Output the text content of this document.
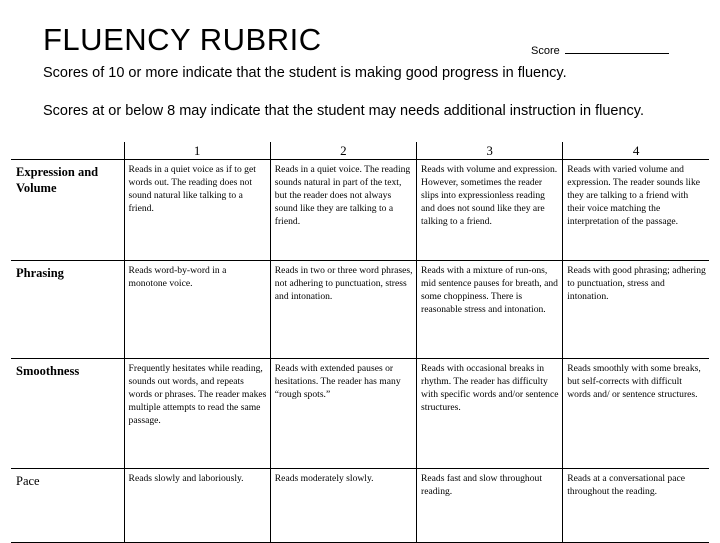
FLUENCY RUBRIC	Score

Scores of 10 or more indicate that the student is making good progress in fluency.

Scores at or below 8 may indicate that the student may needs additional instruction in fluency.

	1	2	3	4
Expression and Volume	Reads in a quiet voice as if to get words out. The reading does not sound natural like talking to a friend.	Reads in a quiet voice. The reading sounds natural in part of the text, but the reader does not always sound like they are talking to a friend.	Reads with volume and expression. However, sometimes the reader slips into expressionless reading and does not sound like they are talking to a friend.	Reads with varied volume and expression. The reader sounds like they are talking to a friend with their voice matching the interpretation of the passage.
Phrasing	Reads word-by-word in a monotone voice.	Reads in two or three word phrases, not adhering to punctuation, stress and intonation.	Reads with a mixture of run-ons, mid sentence pauses for breath, and some choppiness. There is reasonable stress and intonation.	Reads with good phrasing; adhering to punctuation, stress and intonation.
Smoothness	Frequently hesitates while reading, sounds out words, and repeats words or phrases. The reader makes multiple attempts to read the same passage.	Reads with extended pauses or hesitations. The reader has many “rough spots.”	Reads with occasional breaks in rhythm. The reader has difficulty with specific words and/or sentence structures.	Reads smoothly with some breaks, but self-corrects with difficult words and/ or sentence structures.
Pace	Reads slowly and laboriously.	Reads moderately slowly.	Reads fast and slow throughout reading.	Reads at a conversational pace throughout the reading.
